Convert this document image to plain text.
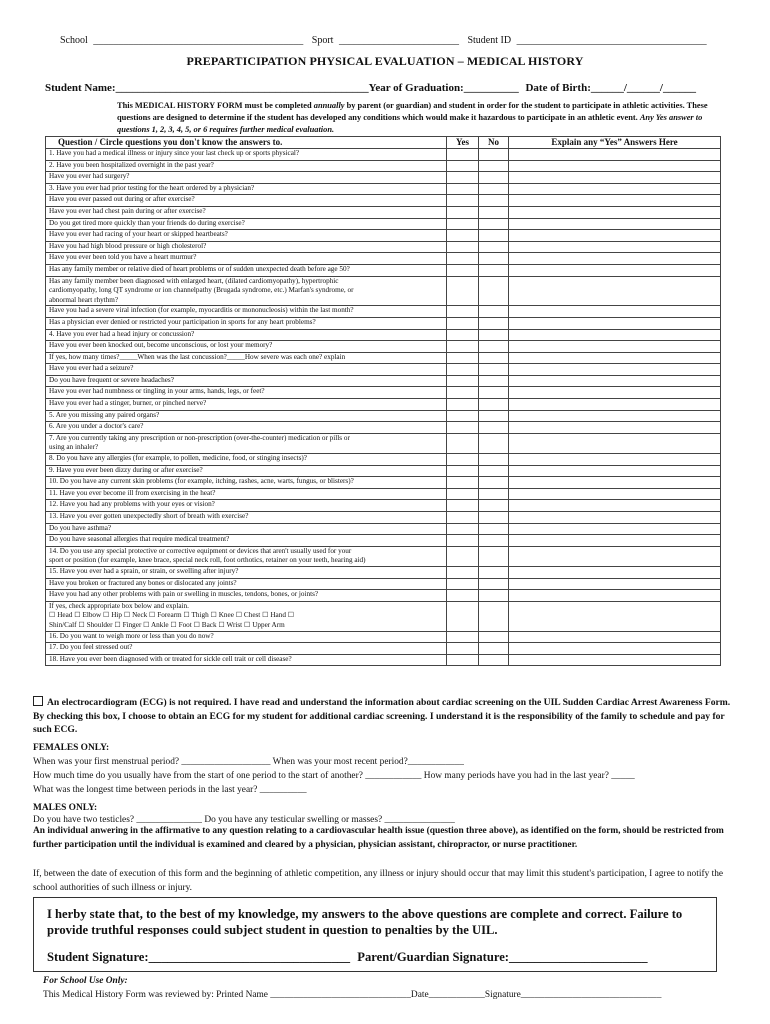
School __________________________________________ Sport ________________________ Student ID ______________________________________
PREPARTICIPATION PHYSICAL EVALUATION – MEDICAL HISTORY
Student Name:______________________________________________Year of Graduation:__________ Date of Birth:______/______/______
This MEDICAL HISTORY FORM must be completed annually by parent (or guardian) and student in order for the student to participate in athletic activities. These questions are designed to determine if the student has developed any conditions which would make it hazardous to participate in an athletic event. Any Yes answer to questions 1, 2, 3, 4, 5, or 6 requires further medical evaluation.
Question / Circle questions you don't know the answers to.	Yes	No	Explain any “Yes” Answers Here
1. Have you had a medical illness or injury since your last check up or sports physical?			
2. Have you been hospitalized overnight in the past year?			
Have you ever had surgery?			
3. Have you ever had prior testing for the heart ordered by a physician?			
Have you ever passed out during or after exercise?			
Have you ever had chest pain during or after exercise?			
Do you get tired more quickly than your friends do during exercise?			
Have you ever had racing of your heart or skipped heartbeats?			
Have you had high blood pressure or high cholesterol?			
Have you ever been told you have a heart murmur?			
Has any family member or relative died of heart problems or of sudden unexpected death before age 50?			
Has any family member been diagnosed with enlarged heart, (dilated cardiomyopathy), hypertrophic
cardiomyopathy, long QT syndrome or ion channelpathy (Brugada syndrome, etc.) Marfan's syndrome, or
abnormal heart rhythm?			
Have you had a severe viral infection (for example, myocarditis or mononucleosis) within the last month?			
Has a physician ever denied or restricted your participation in sports for any heart problems?			
4. Have you ever had a head injury or concussion?			
Have you ever been knocked out, become unconscious, or lost your memory?			
If yes, how many times?_____When was the last concussion?_____How severe was each one? explain			
Have you ever had a seizure?			
Do you have frequent or severe headaches?			
Have you ever had numbness or tingling in your arms, hands, legs, or feet?			
Have you ever had a stinger, burner, or pinched nerve?			
5. Are you missing any paired organs?			
6. Are you under a doctor's care?			
7. Are you currently taking any prescription or non-prescription (over-the-counter) medication or pills or
using an inhaler?			
8. Do you have any allergies (for example, to pollen, medicine, food, or stinging insects)?			
9. Have you ever been dizzy during or after exercise?			
10. Do you have any current skin problems (for example, itching, rashes, acne, warts, fungus, or blisters)?			
11. Have you ever become ill from exercising in the heat?			
12. Have you had any problems with your eyes or vision?			
13. Have you ever gotten unexpectedly short of breath with exercise?			
Do you have asthma?			
Do you have seasonal allergies that require medical treatment?			
14. Do you use any special protective or corrective equipment or devices that aren't usually used for your
sport or position (for example, knee brace, special neck roll, foot orthotics, retainer on your teeth, hearing aid)			
15. Have you ever had a sprain, or strain, or swelling after injury?			
Have you broken or fractured any bones or dislocated any joints?			
Have you had any other problems with pain or swelling in muscles, tendons, bones, or joints?			
If yes, check appropriate box below and explain.
☐ Head ☐ Elbow ☐ Hip ☐ Neck ☐ Forearm ☐ Thigh ☐ Knee ☐ Chest ☐ Hand ☐
Shin/Calf ☐ Shoulder ☐ Finger ☐ Ankle ☐ Foot ☐ Back ☐ Wrist ☐ Upper Arm			
16. Do you want to weigh more or less than you do now?			
17. Do you feel stressed out?			
18. Have you ever been diagnosed with or treated for sickle cell trait or cell disease?			
An electrocardiogram (ECG) is not required. I have read and understand the information about cardiac screening on the UIL Sudden Cardiac Arrest Awareness Form. By checking this box, I choose to obtain an ECG for my student for additional cardiac screening. I understand it is the responsibility of the family to schedule and pay for such ECG.
FEMALES ONLY:
When was your first menstrual period? ___________________ When was your most recent period?____________
How much time do you usually have from the start of one period to the start of another? ____________ How many periods have you had in the last year? _____
What was the longest time between periods in the last year? __________
MALES ONLY:
Do you have two testicles? ______________ Do you have any testicular swelling or masses? _______________
An individual anwering in the affirmative to any question relating to a cardiovascular health issue (question three above), as identified on the form, should be restricted from further participation until the individual is examined and cleared by a physician, physician assistant, chiropractor, or nurse practitioner.
If, between the date of execution of this form and the beginning of athletic competition, any illness or injury should occur that may limit this student's participation, I agree to notify the school authorities of such illness or injury.
I herby state that, to the best of my knowledge, my answers to the above questions are complete and correct. Failure to provide truthful responses could subject student in question to penalties by the UIL.
Student Signature:________________________________ Parent/Guardian Signature:______________________
For School Use Only:
This Medical History Form was reviewed by: Printed Name ______________________________Date____________Signature______________________________
